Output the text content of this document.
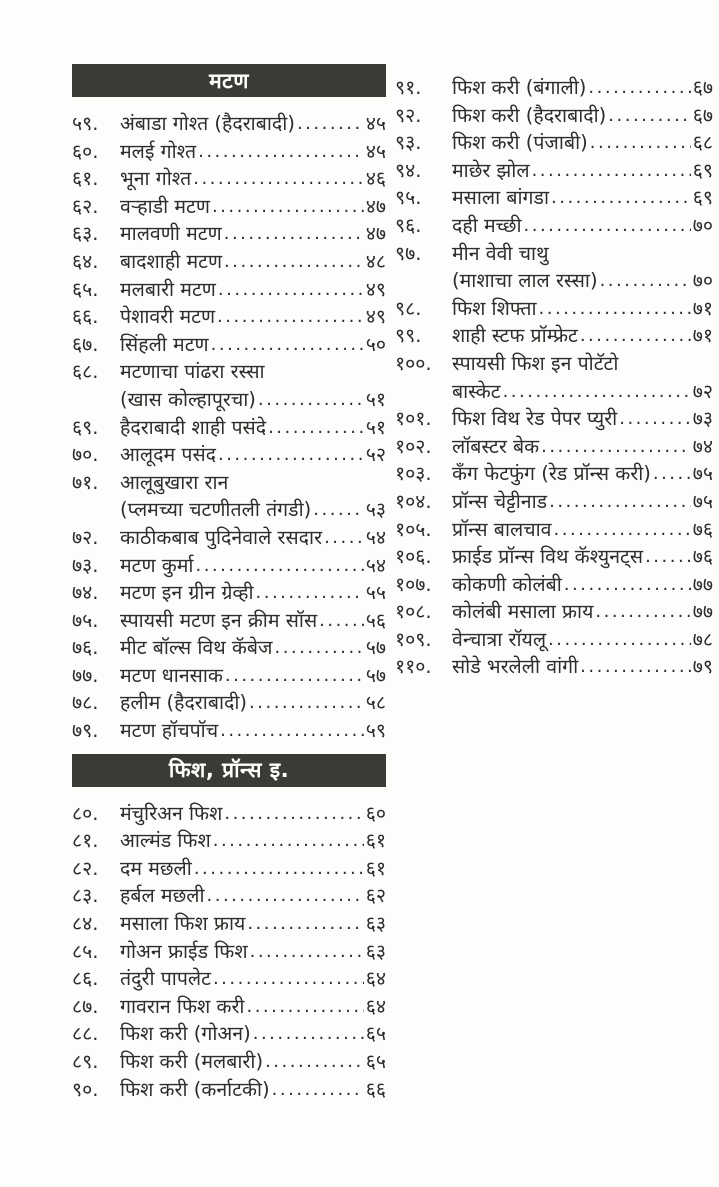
मटण
५९.	अंबाडा गोश्त (हैदराबादी) .....	४५
६०.	मलई गोश्त .....	४५
६१.	भूना गोश्त .....	४६
६२.	वऱ्हाडी मटण .....	४७
६३.	मालवणी मटण .....	४७
६४.	बादशाही मटण .....	४८
६५.	मलबारी मटण .....	४९
६६.	पेशावरी मटण .....	४९
६७.	सिंहली मटण .....	५०
६८.	मटणाचा पांढरा रस्सा
(खास कोल्हापूरचा) .....	५१
६९.	हैदराबादी शाही पसंदे .....	५१
७०.	आलूदम पसंद .....	५२
७१.	आलूबुखारा रान
(प्लमच्या चटणीतली तंगडी) .....	५३
७२.	काठीकबाब पुदिनेवाले रसदार ..... ५४
७३.	मटण कुर्मा .....	५४
७४.	मटण इन ग्रीन ग्रेव्ही .....	५५
७५.	स्पायसी मटण इन क्रीम सॉस ..... ५६
७६.	मीट बॉल्स विथ कॅबेज .....	५७
७७.	मटण धानसाक .....	५७
७८.	हलीम (हैदराबादी) .....	५८
७९.	मटण हॉचपॉच .....	५९
फिश, प्रॉन्स इ.
८०.	मंचुरिअन फिश .....	६०
८१.	आल्मंड फिश .....	६१
८२.	दम मछली .....	६१
८३.	हर्बल मछली .....	६२
८४.	मसाला फिश फ्राय .....	६३
८५.	गोअन फ्राईड फिश .....	६३
८६.	तंदुरी पापलेट .....	६४
८७.	गावरान फिश करी .....	६४
८८.	फिश करी (गोअन) .....	६५
८९.	फिश करी (मलबारी) .....	६५
९०.	फिश करी (कर्नाटकी) .....	६६
९१.	फिश करी (बंगाली) .....	६७
९२.	फिश करी (हैदराबादी) .....	६७
९३.	फिश करी (पंजाबी) .....	६८
९४.	माछेर झोल .....	६९
९५.	मसाला बांगडा .....	६९
९६.	दही मच्छी .....	७०
९७.	मीन वेवी चाथु
(माशाचा लाल रस्सा) .....	७०
९८.	फिश शिफ्ता .....	७१
९९.	शाही स्टफ प्रॉम्फ्रेट .....	७१
१००.	स्पायसी फिश इन पोटॅटो
बास्केट .....	७२
१०१.	फिश विथ रेड पेपर प्युरी .....	७३
१०२.	लॉबस्टर बेक .....	७४
१०३.	कँग फेटफुंग (रेड प्रॉन्स करी) ..... ७५
१०४.	प्रॉन्स चेट्टीनाड .....	७५
१०५.	प्रॉन्स बालचाव .....	७६
१०६.	फ्राईड प्रॉन्स विथ कॅश्युनट्स .....	७६
१०७.	कोकणी कोलंबी .....	७७
१०८.	कोलंबी मसाला फ्राय .....	७७
१०९.	वेन्चात्रा रॉयलू .....	७८
११०.	सोडे भरलेली वांगी .....	७९
